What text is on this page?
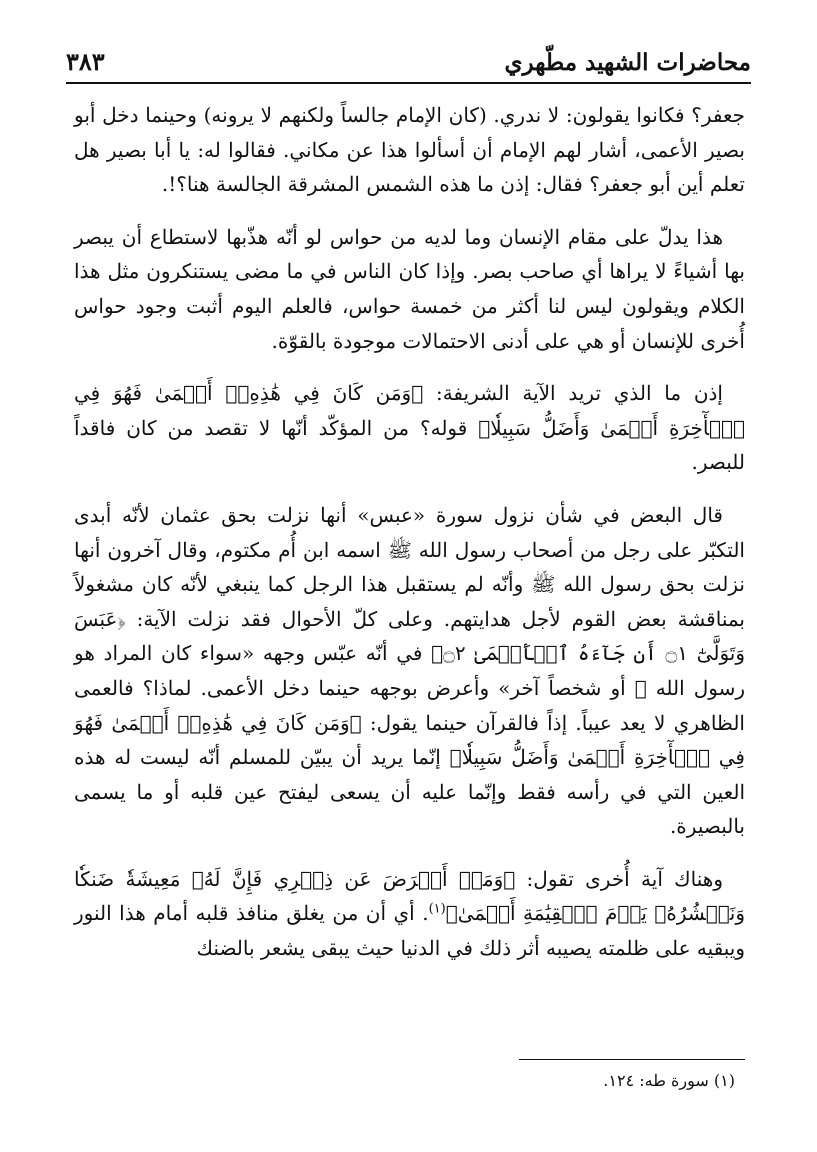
محاضرات الشهيد مطّهري
٣٨٣

جعفر؟ فكانوا يقولون: لا ندري. (كان الإمام جالساً ولكنهم لا يرونه) وحينما دخل أبو بصير الأعمى، أشار لهم الإمام أن أسألوا هذا عن مكاني. فقالوا له: يا أبا بصير هل تعلم أين أبو جعفر؟ فقال: إذن ما هذه الشمس المشرقة الجالسة هنا؟!.

هذا يدلّ على مقام الإنسان وما لديه من حواس لو أنّه هذّبها لاستطاع أن يبصر بها أشياءً لا يراها أي صاحب بصر. وإذا كان الناس في ما مضى يستنكرون مثل هذا الكلام ويقولون ليس لنا أكثر من خمسة حواس، فالعلم اليوم أثبت وجود حواس أُخرى للإنسان أو هي على أدنى الاحتمالات موجودة بالقوّة.

إذن ما الذي تريد الآية الشريفة: ﴿وَمَن كَانَ فِي هَٰذِهِۦٓ أَعۡمَىٰ فَهُوَ فِي ٱلۡأٓخِرَةِ أَعۡمَىٰ وَأَضَلُّ سَبِيلٗا﴾ قوله؟ من المؤكّد أنّها لا تقصد من كان فاقداً للبصر.

قال البعض في شأن نزول سورة «عبس» أنها نزلت بحق عثمان لأنّه أبدى التكبّر على رجل من أصحاب رسول الله ﷺ اسمه ابن أُم مكتوم، وقال آخرون أنها نزلت بحق رسول الله ﷺ وأنّه لم يستقبل هذا الرجل كما ينبغي لأنّه كان مشغولاً بمناقشة بعض القوم لأجل هدايتهم. وعلى كلّ الأحوال فقد نزلت الآية: ﴿عَبَسَ وَتَوَلَّىٰٓ ۝١ أَن جَآءَهُ ٱلۡأَعۡمَىٰ ۝٢﴾ في أنّه عبّس وجهه «سواء كان المراد هو رسول الله ﷺ أو شخصاً آخر» وأعرض بوجهه حينما دخل الأعمى. لماذا؟ فالعمى الظاهري لا يعد عيباً. إذاً فالقرآن حينما يقول: ﴿وَمَن كَانَ فِي هَٰذِهِۦٓ أَعۡمَىٰ فَهُوَ فِي ٱلۡأٓخِرَةِ أَعۡمَىٰ وَأَضَلُّ سَبِيلٗا﴾ إنّما يريد أن يبيّن للمسلم أنّه ليست له هذه العين التي في رأسه فقط وإنّما عليه أن يسعى ليفتح عين قلبه أو ما يسمى بالبصيرة.

وهناك آية أُخرى تقول: ﴿وَمَنۡ أَعۡرَضَ عَن ذِكۡرِي فَإِنَّ لَهُۥ مَعِيشَةٗ ضَنكٗا وَنَحۡشُرُهُۥ يَوۡمَ ٱلۡقِيَٰمَةِ أَعۡمَىٰ﴾$^{(١)}$. أي أن من يغلق منافذ قلبه أمام هذا النور ويبقيه على ظلمته يصيبه أثر ذلك في الدنيا حيث يبقى يشعر بالضنك

(١) سورة طه: ١٢٤.
